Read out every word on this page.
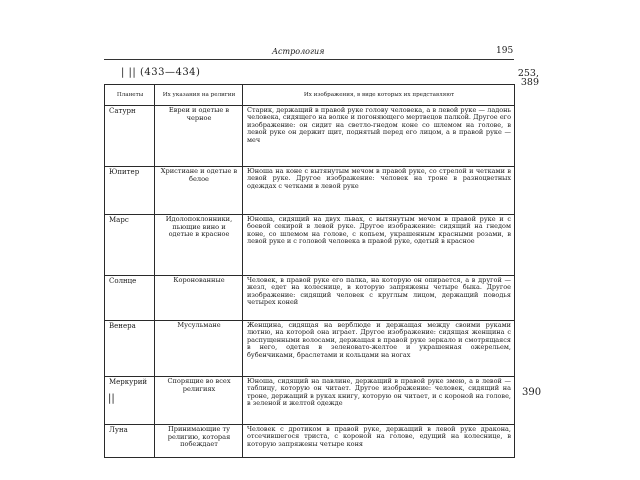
Астрология	195
| || (433—434)	253,
389
390
||
Планеты	Их указания на религии	Их изображения, в виде которых их представляют
Сатурн	Евреи и одетые в черное	Старик, держащий в правой руке голову человека, а в левой руке — ладонь человека, сидящего на волке и погоняющего мертвецов палкой. Другое его изображение: он сидит на светло-гнедом коне со шлемом на голове, в левой руке он держит щит, поднятый перед его лицом, а в правой руке — меч
Юпитер	Христиане и одетые в белое	Юноша на коне с вытянутым мечом в правой руке, со стрелой и четками в левой руке. Другое изображение: человек на троне в разноцветных одеждах с четками в левой руке
Марс	Идолопоклонники, пьющие вино и одетые в красное	Юноша, сидящий на двух львах, с вытянутым мечом в правой руке и с боевой секирой в левой руке. Другое изображение: сидящий на гнедом коне, со шлемом на голове, с копьем, украшенным красными розами, в левой руке и с головой человека в правой руке, одетый в красное
Солнце	Коронованные	Человек, в правой руке его палка, на которую он опирается, а в другой — жезл, едет на колеснице, в которую запряжены четыре быка. Другое изображение: сидящий человек с круглым лицом, держащий поводья четырех коней
Венера	Мусульмане	Женщина, сидящая на верблюде и держащая между своими руками лютню, на которой она играет. Другое изображение: сидящая женщина с распущенными волосами, держащая в правой руке зеркало и смотрящаяся в него, одетая в зеленовато-желтое и украшенная ожерельем, бубенчиками, браслетами и кольцами на ногах
Меркурий	Спорящие во всех религиях	Юноша, сидящий на павлине, держащий в правой руке змею, а в левой — таблицу, которую он читает. Другое изображение: человек, сидящий на троне, держащий в руках книгу, которую он читает, и с короной на голове, в зеленой и желтой одежде
Луна	Принимающие ту религию, которая побеждает	Человек с дротиком в правой руке, держащий в левой руке дракона, отсечившегося триста, с короной на голове, едущий на колеснице, в которую запряжены четыре коня
